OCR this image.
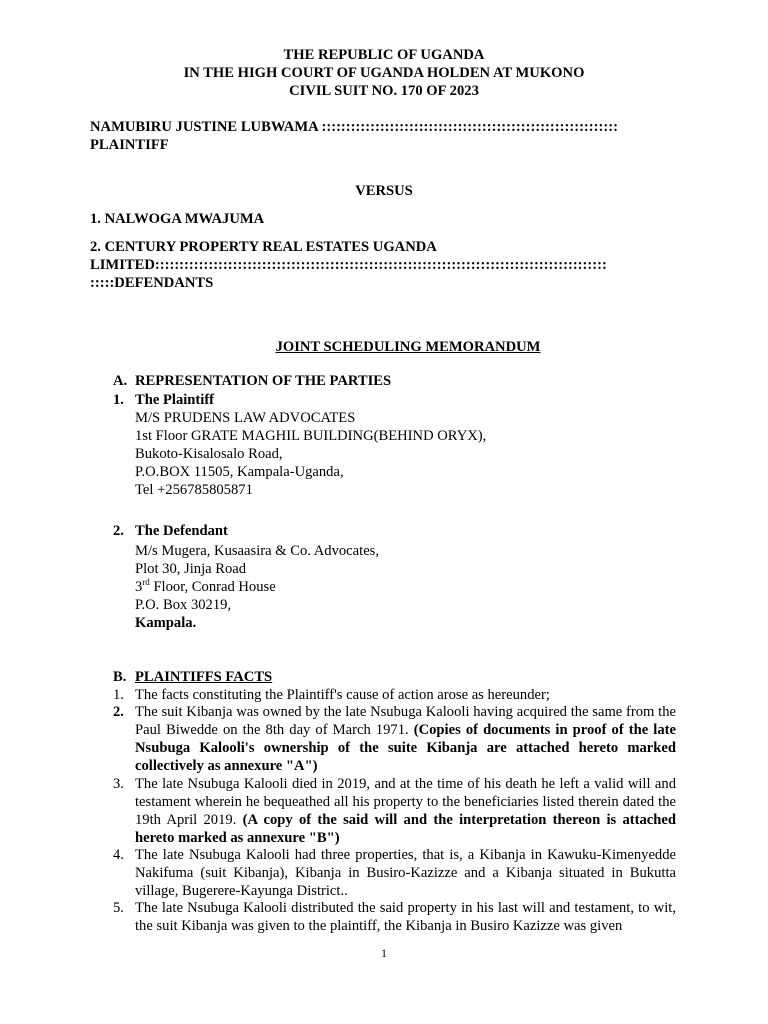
THE REPUBLIC OF UGANDA
IN THE HIGH COURT OF UGANDA HOLDEN AT MUKONO
CIVIL SUIT NO. 170 OF 2023
NAMUBIRU JUSTINE LUBWAMA :::::::::::::::::::::::::::::::::::::::::::::::::::::::::::::
PLAINTIFF
VERSUS
1. NALWOGA MWAJUMA
2. CENTURY PROPERTY REAL ESTATES UGANDA
LIMITED:::::::::::::::::::::::::::::::::::::::::::::::::::::::::::::::::::::::::::::::::::::::::::::
:::::DEFENDANTS
JOINT SCHEDULING MEMORANDUM
A. REPRESENTATION OF THE PARTIES
1. The Plaintiff
M/S PRUDENS LAW ADVOCATES
1st Floor GRATE MAGHIL BUILDING(BEHIND ORYX),
Bukoto-Kisalosalo Road,
P.O.BOX 11505, Kampala-Uganda,
Tel +256785805871
2. The Defendant
M/s Mugera, Kusaasira & Co. Advocates,
Plot 30, Jinja Road
3rd Floor, Conrad House
P.O. Box 30219,
Kampala.
B. PLAINTIFFS FACTS
1. The facts constituting the Plaintiff's cause of action arose as hereunder;
2. The suit Kibanja was owned by the late Nsubuga Kalooli having acquired the same from the Paul Biwedde on the 8th day of March 1971. (Copies of documents in proof of the late Nsubuga Kalooli's ownership of the suite Kibanja are attached hereto marked collectively as annexure "A")
3. The late Nsubuga Kalooli died in 2019, and at the time of his death he left a valid will and testament wherein he bequeathed all his property to the beneficiaries listed therein dated the 19th April 2019. (A copy of the said will and the interpretation thereon is attached hereto marked as annexure "B")
4. The late Nsubuga Kalooli had three properties, that is, a Kibanja in Kawuku-Kimenyedde Nakifuma (suit Kibanja), Kibanja in Busiro-Kazizze and a Kibanja situated in Bukutta village, Bugerere-Kayunga District..
5. The late Nsubuga Kalooli distributed the said property in his last will and testament, to wit, the suit Kibanja was given to the plaintiff, the Kibanja in Busiro Kazizze was given
1
